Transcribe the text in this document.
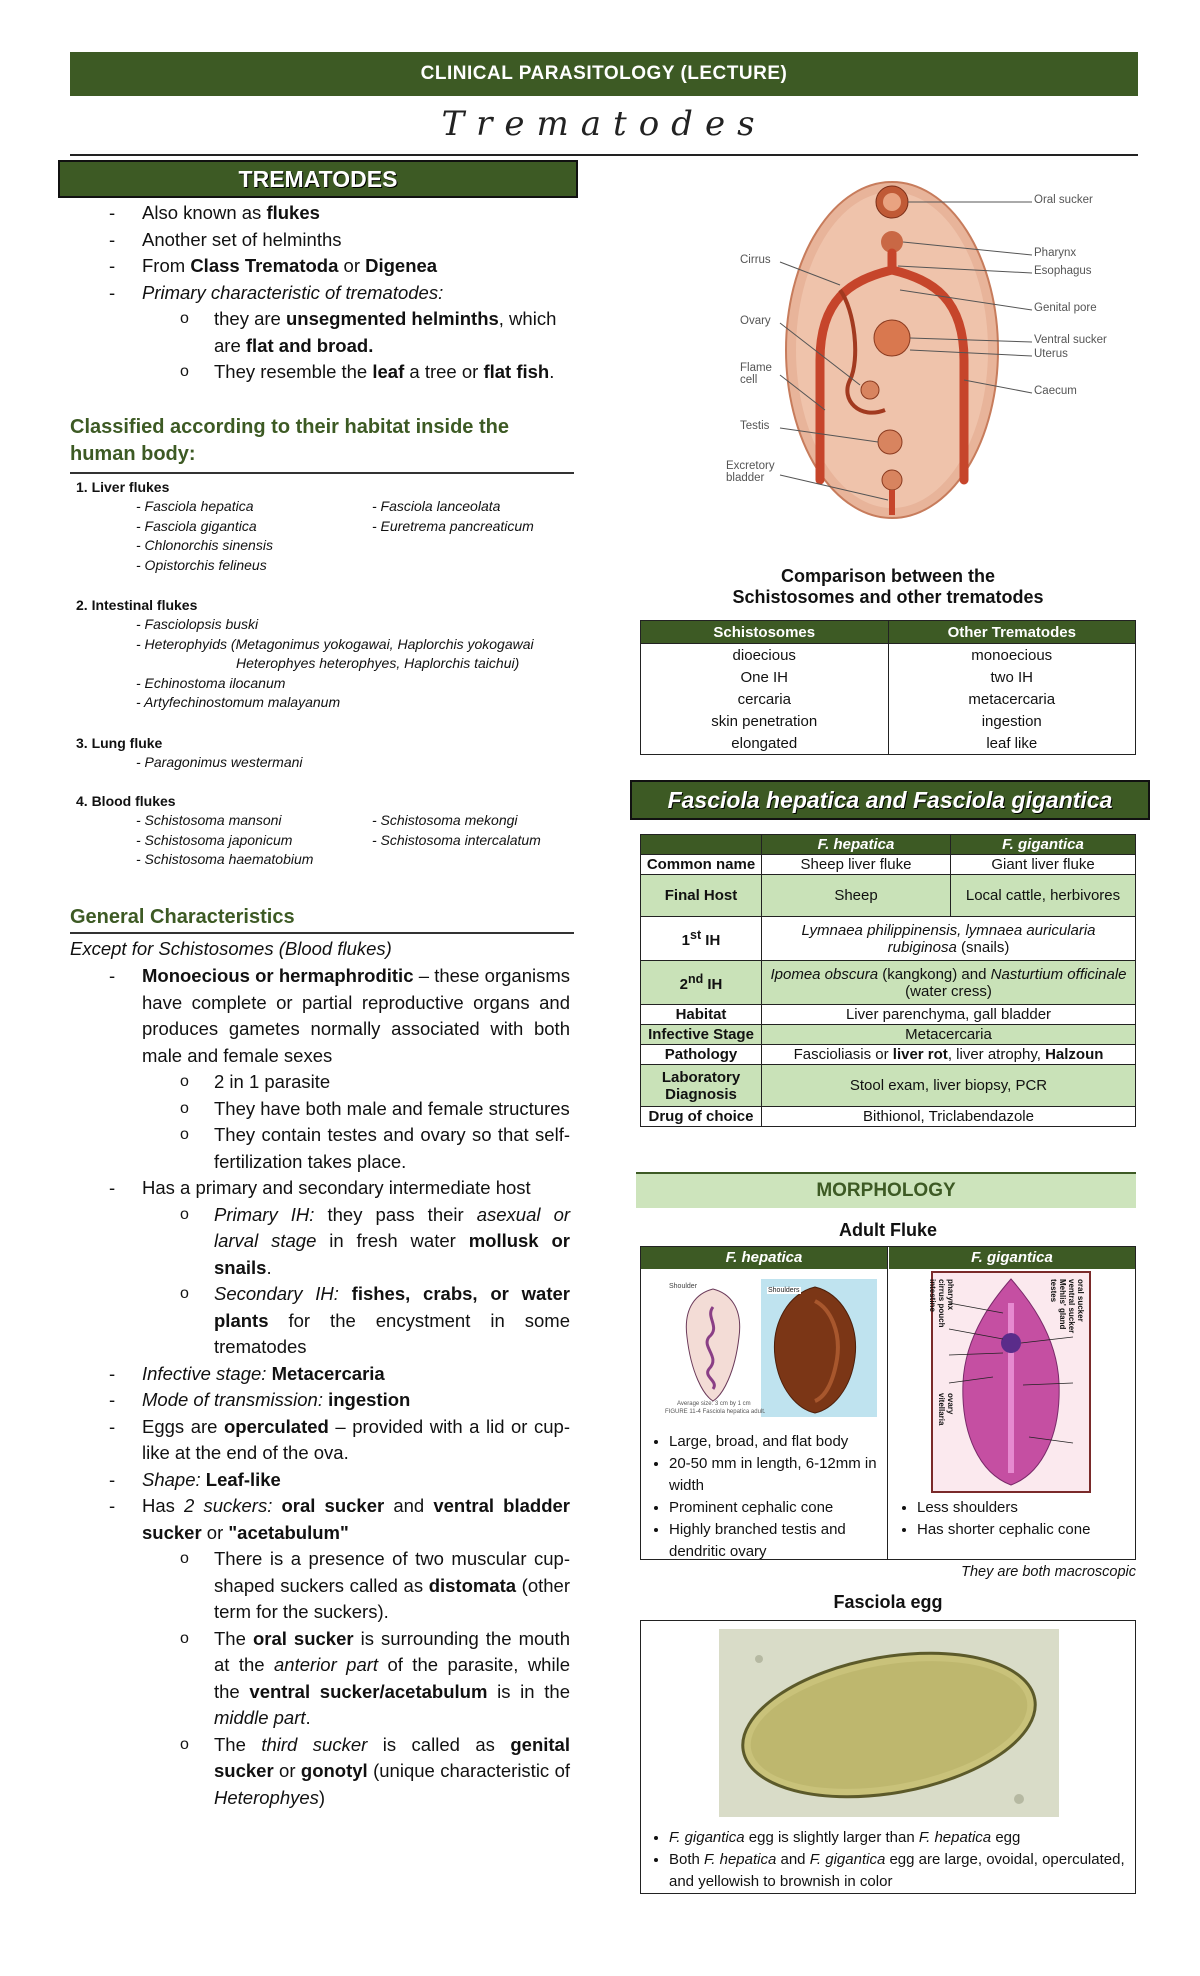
CLINICAL PARASITOLOGY (LECTURE)
Trematodes
TREMATODES
- Also known as flukes
- Another set of helminths
- From Class Trematoda or Digenea
- Primary characteristic of trematodes:
o they are unsegmented helminths, which are flat and broad.
o They resemble the leaf a tree or flat fish.
Classified according to their habitat inside the human body:
1. Liver flukes
- Fasciola hepatica
- Fasciola gigantica
- Chlonorchis sinensis
- Opistorchis felineus
- Fasciola lanceolata
- Euretrema pancreaticum
2. Intestinal flukes
- Fasciolopsis buski
- Heterophyids (Metagonimus yokogawai, Haplorchis yokogawai
Heterophyes heterophyes, Haplorchis taichui)
- Echinostoma ilocanum
- Artyfechinostomum malayanum
3. Lung fluke
- Paragonimus westermani
4. Blood flukes
- Schistosoma mansoni
- Schistosoma japonicum
- Schistosoma haematobium
- Schistosoma mekongi
- Schistosoma intercalatum
General Characteristics
Except for Schistosomes (Blood flukes)
- Monoecious or hermaphroditic – these organisms have complete or partial reproductive organs and produces gametes normally associated with both male and female sexes
o 2 in 1 parasite
o They have both male and female structures
o They contain testes and ovary so that self-fertilization takes place.
- Has a primary and secondary intermediate host
o Primary IH: they pass their asexual or larval stage in fresh water mollusk or snails.
o Secondary IH: fishes, crabs, or water plants for the encystment in some trematodes
- Infective stage: Metacercaria
- Mode of transmission: ingestion
- Eggs are operculated – provided with a lid or cup-like at the end of the ova.
- Shape: Leaf-like
- Has 2 suckers: oral sucker and ventral bladder sucker or "acetabulum"
o There is a presence of two muscular cup-shaped suckers called as distomata (other term for the suckers).
o The oral sucker is surrounding the mouth at the anterior part of the parasite, while the ventral sucker/acetabulum is in the middle part.
o The third sucker is called as genital sucker or gonotyl (unique characteristic of Heterophyes)
Cirrus
Ovary
Flame cell
Testis
Excretory bladder
Oral sucker
Pharynx
Esophagus
Genital pore
Ventral sucker
Uterus
Caecum
Comparison between the
Schistosomes and other trematodes
Schistosomes	Other Trematodes
dioecious	monoecious
One IH	two IH
cercaria	metacercaria
skin penetration	ingestion
elongated	leaf like
Fasciola hepatica and Fasciola gigantica
	F. hepatica	F. gigantica
Common name	Sheep liver fluke	Giant liver fluke
Final Host	Sheep	Local cattle, herbivores
1st IH	Lymnaea philippinensis, lymnaea auricularia rubiginosa (snails)	
2nd IH	Ipomea obscura (kangkong) and Nasturtium officinale (water cress)	
Habitat	Liver parenchyma, gall bladder	
Infective Stage	Metacercaria	
Pathology	Fascioliasis or liver rot, liver atrophy, Halzoun	
Laboratory Diagnosis	Stool exam, liver biopsy, PCR	
Drug of choice	Bithionol, Triclabendazole	
MORPHOLOGY
Adult Fluke
F. hepatica	F. gigantica
Shoulder
Shoulders
Average size: 3 cm by 1 cm
FIGURE 11-4 Fasciola hepatica adult.
pharynx
cirrus pouch
intestine
ovary
vitellaria
oral sucker
ventral sucker
Mehlis' gland
testes
• Large, broad, and flat body
• 20-50 mm in length, 6-12mm in width
• Prominent cephalic cone
• Highly branched testis and dendritic ovary
• Less shoulders
• Has shorter cephalic cone
They are both macroscopic
Fasciola egg
• F. gigantica egg is slightly larger than F. hepatica egg
• Both F. hepatica and F. gigantica egg are large, ovoidal, operculated, and yellowish to brownish in color
